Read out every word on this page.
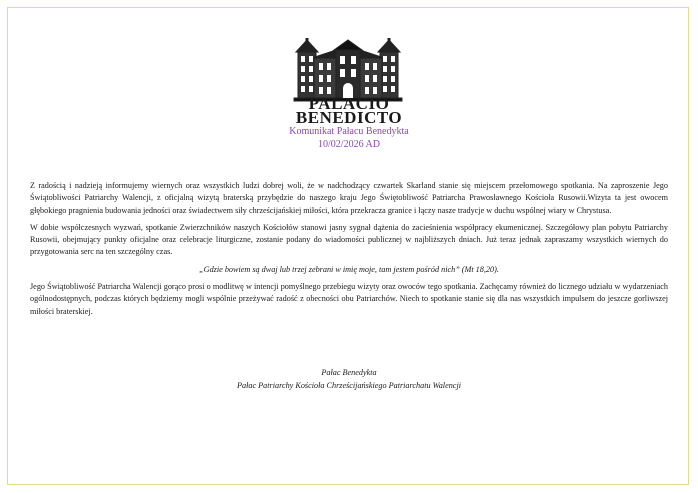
PALACIO
BENEDICTO
Komunikat Pałacu Benedykta
10/02/2026 AD

Z radością i nadzieją informujemy wiernych oraz wszystkich ludzi dobrej woli, że w nadchodzący czwartek Skarland stanie się miejscem przełomowego spotkania. Na zaproszenie Jego Świątobliwości Patriarchy Walencji, z oficjalną wizytą braterską przybędzie do naszego kraju Jego Świętobliwość Patriarcha Prawosławnego Kościoła Rusowii.Wizyta ta jest owocem głębokiego pragnienia budowania jedności oraz świadectwem siły chrześcijańskiej miłości, która przekracza granice i łączy nasze tradycje w duchu wspólnej wiary w Chrystusa.

W dobie współczesnych wyzwań, spotkanie Zwierzchników naszych Kościołów stanowi jasny sygnał dążenia do zacieśnienia współpracy ekumenicznej. Szczegółowy plan pobytu Patriarchy Rusowii, obejmujący punkty oficjalne oraz celebracje liturgiczne, zostanie podany do wiadomości publicznej w najbliższych dniach. Już teraz jednak zapraszamy wszystkich wiernych do przygotowania serc na ten szczególny czas.

„Gdzie bowiem są dwaj lub trzej zebrani w imię moje, tam jestem pośród nich” (Mt 18,20).

Jego Świątobliwość Patriarcha Walencji gorąco prosi o modlitwę w intencji pomyślnego przebiegu wizyty oraz owoców tego spotkania. Zachęcamy również do licznego udziału w wydarzeniach ogólnodostępnych, podczas których będziemy mogli wspólnie przeżywać radość z obecności obu Patriarchów. Niech to spotkanie stanie się dla nas wszystkich impulsem do jeszcze gorliwszej miłości braterskiej.

Pałac Benedykta
Pałac Patriarchy Kościoła Chrześcijańskiego Patriarchatu Walencji
